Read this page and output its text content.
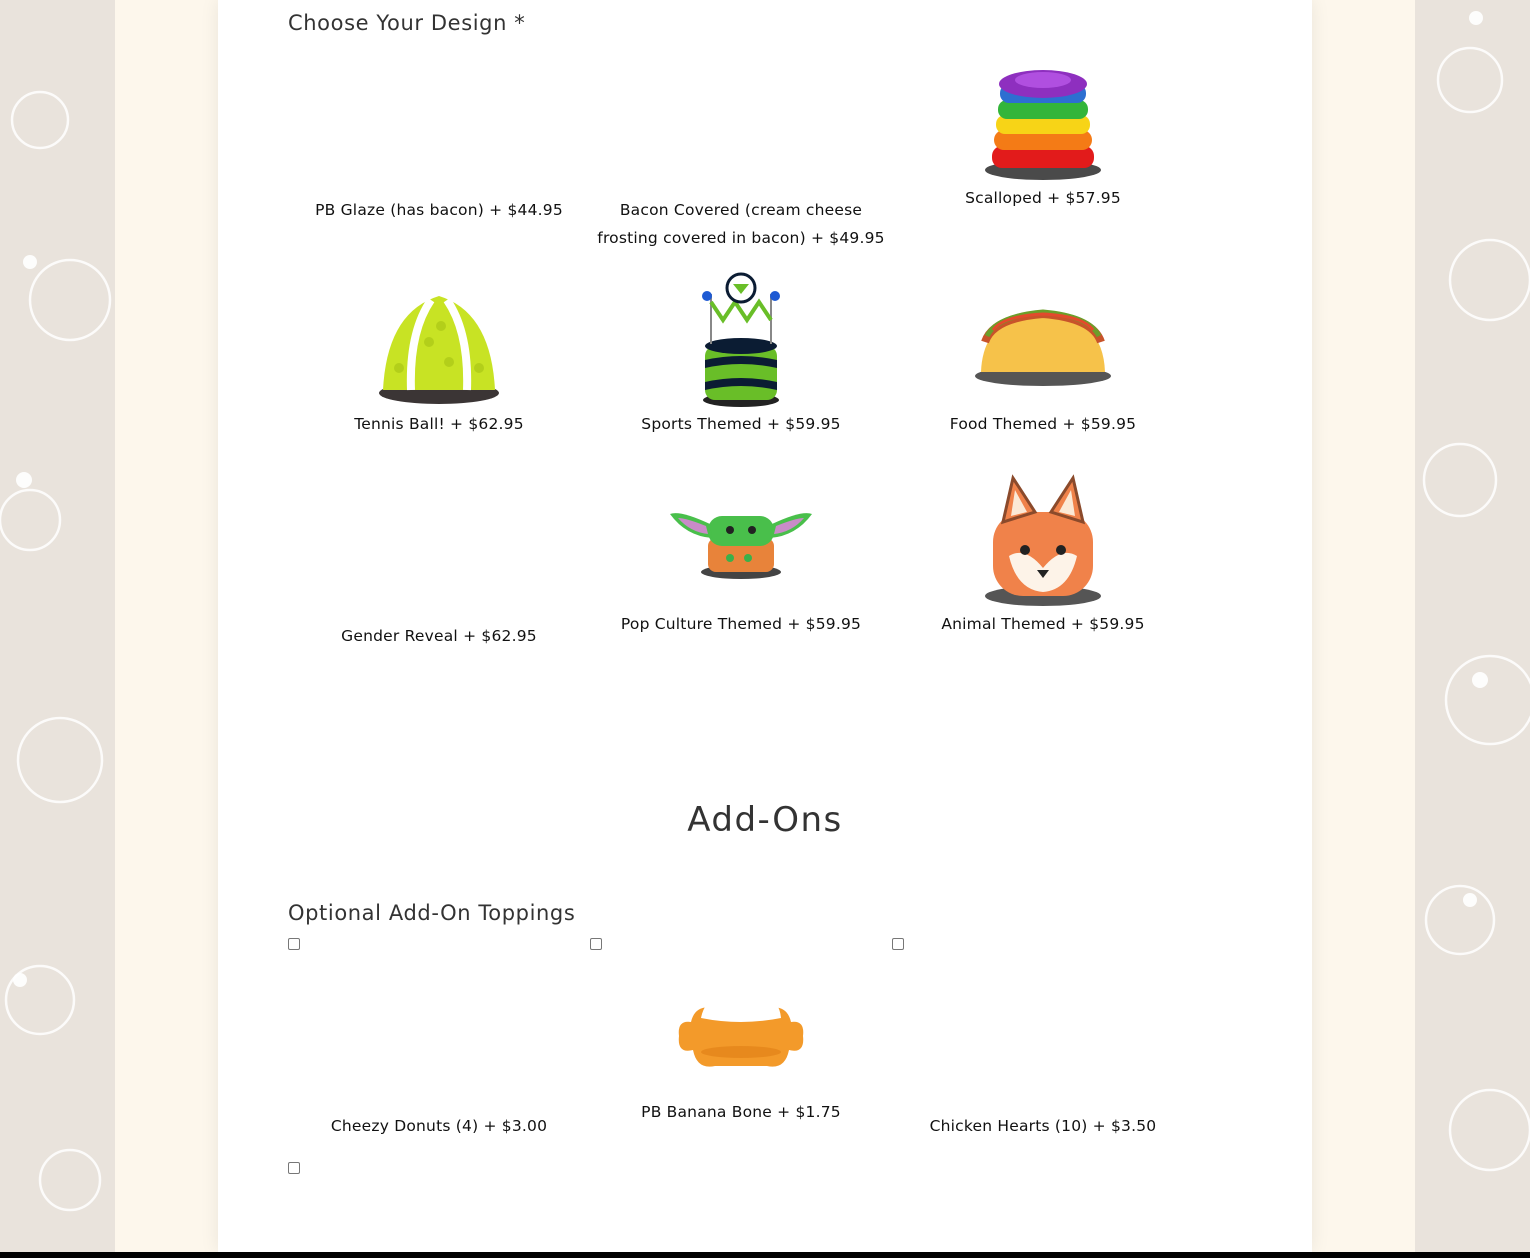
Choose Your Design *
PB Glaze (has bacon) + $44.95	Bacon Covered (cream cheese frosting covered in bacon) + $49.95
Scalloped + $57.95
Tennis Ball! + $62.95	Sports Themed + $59.95	Food Themed + $59.95
Gender Reveal + $62.95
Pop Culture Themed + $59.95	Animal Themed + $59.95
Add-Ons
Optional Add-On Toppings
Cheezy Donuts (4) + $3.00
PB Banana Bone + $1.75
Chicken Hearts (10) + $3.50
